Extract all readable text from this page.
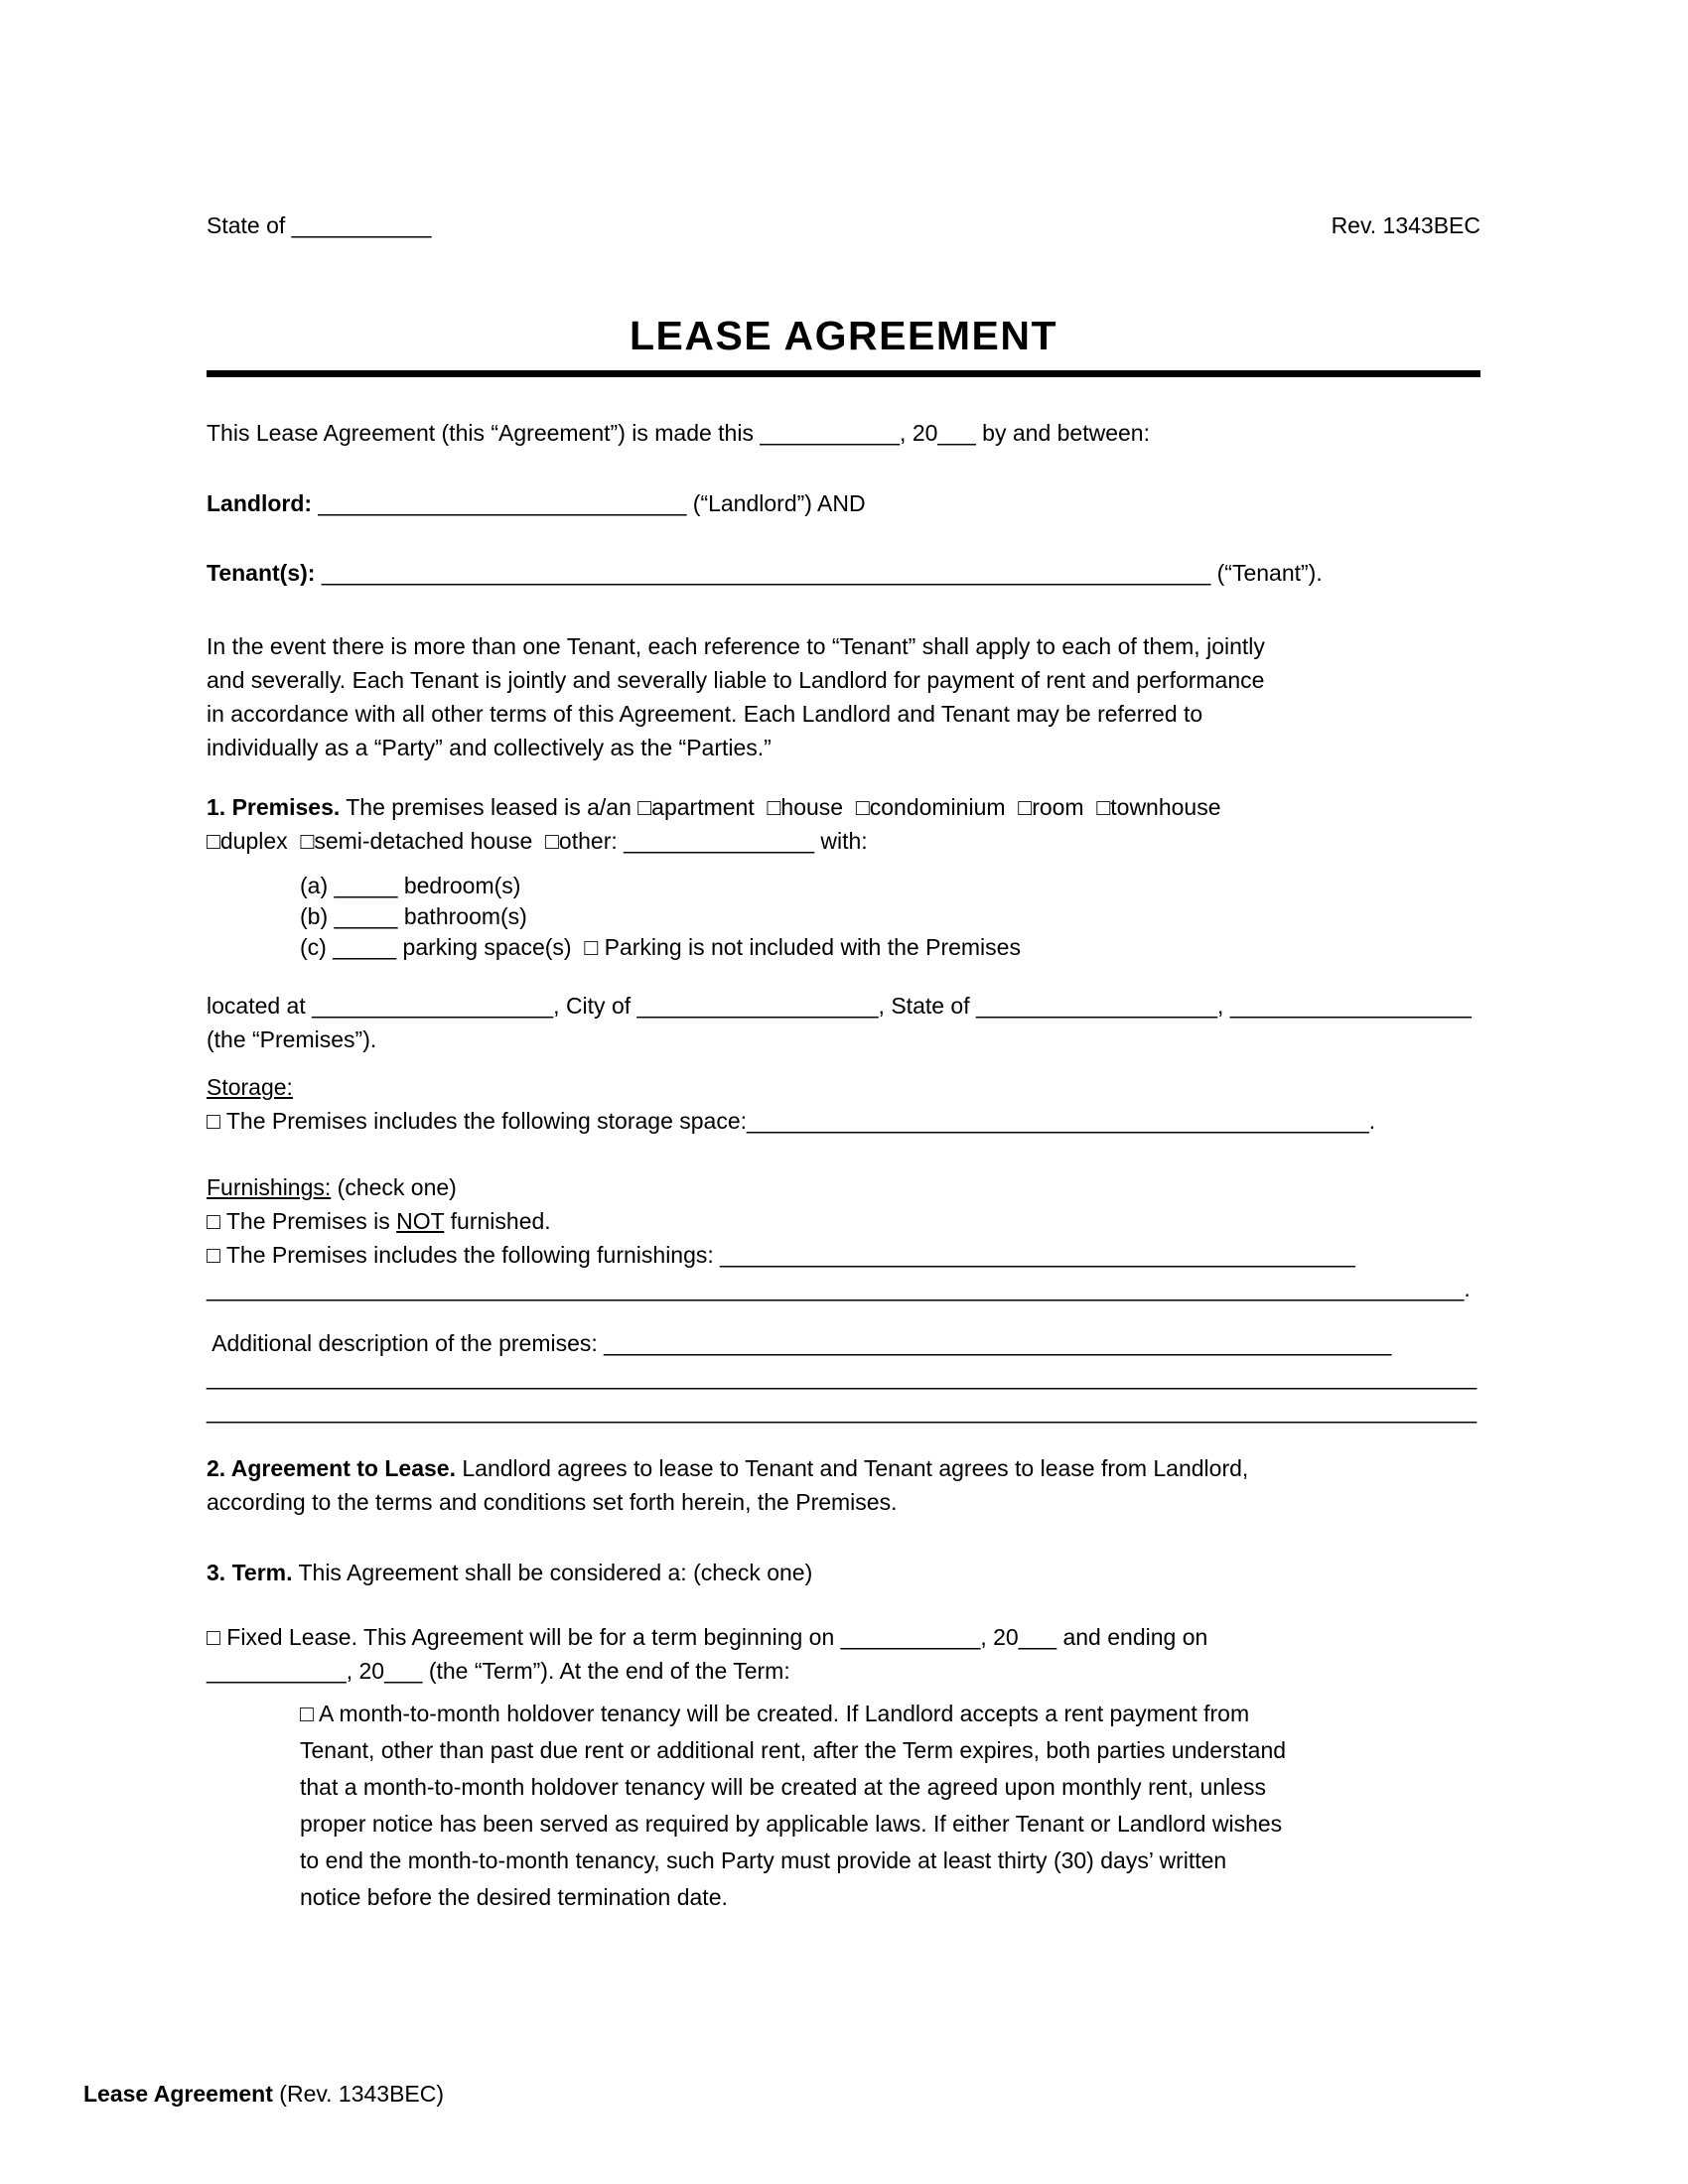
State of ___________	Rev. 1343BEC
LEASE AGREEMENT
This Lease Agreement (this “Agreement”) is made this ___________, 20___ by and between:
Landlord: _____________________________ (“Landlord”) AND
Tenant(s): ______________________________________________________________________ (“Tenant”).
In the event there is more than one Tenant, each reference to “Tenant” shall apply to each of them, jointly
and severally. Each Tenant is jointly and severally liable to Landlord for payment of rent and performance
in accordance with all other terms of this Agreement. Each Landlord and Tenant may be referred to
individually as a “Party” and collectively as the “Parties.”
1. Premises. The premises leased is a/an □apartment  □house  □condominium  □room  □townhouse
□duplex  □semi-detached house  □other: _______________ with:
(a) _____ bedroom(s)
(b) _____ bathroom(s)
(c) _____ parking space(s)  □ Parking is not included with the Premises
located at ___________________, City of ___________________, State of ___________________, ___________________
(the “Premises”).
Storage:
□ The Premises includes the following storage space:_________________________________________________.
Furnishings: (check one)
□ The Premises is NOT furnished.
□ The Premises includes the following furnishings: __________________________________________________
___________________________________________________________________________________________________.
Additional description of the premises: ______________________________________________________________
____________________________________________________________________________________________________
____________________________________________________________________________________________________
2. Agreement to Lease. Landlord agrees to lease to Tenant and Tenant agrees to lease from Landlord,
according to the terms and conditions set forth herein, the Premises.
3. Term. This Agreement shall be considered a: (check one)
□ Fixed Lease. This Agreement will be for a term beginning on ___________, 20___ and ending on
___________, 20___ (the “Term”). At the end of the Term:
□ A month-to-month holdover tenancy will be created. If Landlord accepts a rent payment from
Tenant, other than past due rent or additional rent, after the Term expires, both parties understand
that a month-to-month holdover tenancy will be created at the agreed upon monthly rent, unless
proper notice has been served as required by applicable laws. If either Tenant or Landlord wishes
to end the month-to-month tenancy, such Party must provide at least thirty (30) days’ written
notice before the desired termination date.
Lease Agreement (Rev. 1343BEC)
